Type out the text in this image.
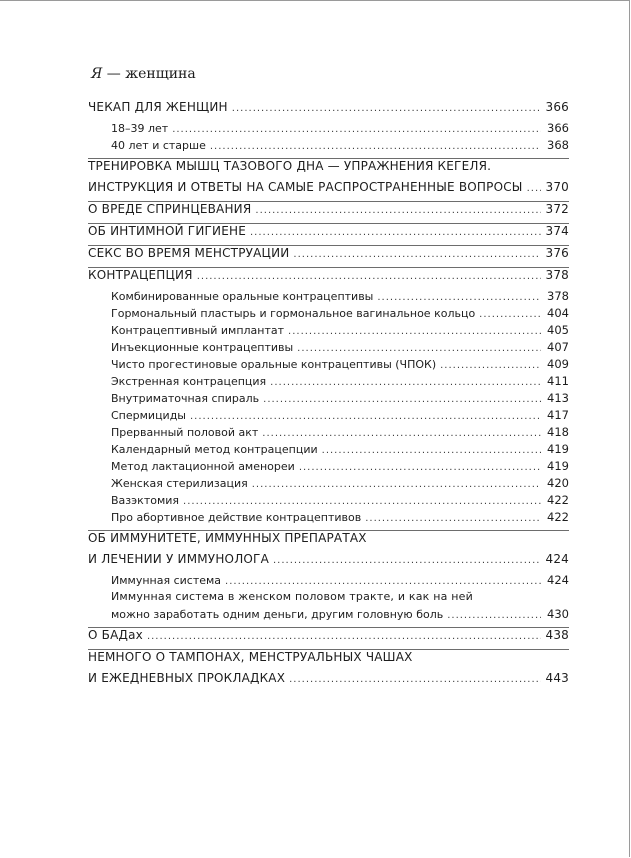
Я — женщина
ЧЕКАП ДЛЯ ЖЕНЩИН .....	366
18–39 лет .....	366
40 лет и старше .....	368
ТРЕНИРОВКА МЫШЦ ТАЗОВОГО ДНА — УПРАЖНЕНИЯ КЕГЕЛЯ.
ИНСТРУКЦИЯ И ОТВЕТЫ НА САМЫЕ РАСПРОСТРАНЕННЫЕ ВОПРОСЫ ..... 370
О ВРЕДЕ СПРИНЦЕВАНИЯ .....	372
ОБ ИНТИМНОЙ ГИГИЕНЕ .....	374
СЕКС ВО ВРЕМЯ МЕНСТРУАЦИИ .....	376
КОНТРАЦЕПЦИЯ .....	378
Комбинированные оральные контрацептивы .....	378
Гормональный пластырь и гормональное вагинальное кольцо .....	404
Контрацептивный имплантат .....	405
Инъекционные контрацептивы .....	407
Чисто прогестиновые оральные контрацептивы (ЧПОК) .....	409
Экстренная контрацепция .....	411
Внутриматочная спираль .....	413
Спермициды .....	417
Прерванный половой акт .....	418
Календарный метод контрацепции .....	419
Метод лактационной аменореи .....	419
Женская стерилизация .....	420
Вазэктомия .....	422
Про абортивное действие контрацептивов .....	422
ОБ ИММУНИТЕТЕ, ИММУННЫХ ПРЕПАРАТАХ
И ЛЕЧЕНИИ У ИММУНОЛОГА .....	424
Иммунная система .....	424
Иммунная система в женском половом тракте, и как на ней
можно заработать одним деньги, другим головную боль .....	430
О БАДах .....	438
НЕМНОГО О ТАМПОНАХ, МЕНСТРУАЛЬНЫХ ЧАШАХ
И ЕЖЕДНЕВНЫХ ПРОКЛАДКАХ .....	443
